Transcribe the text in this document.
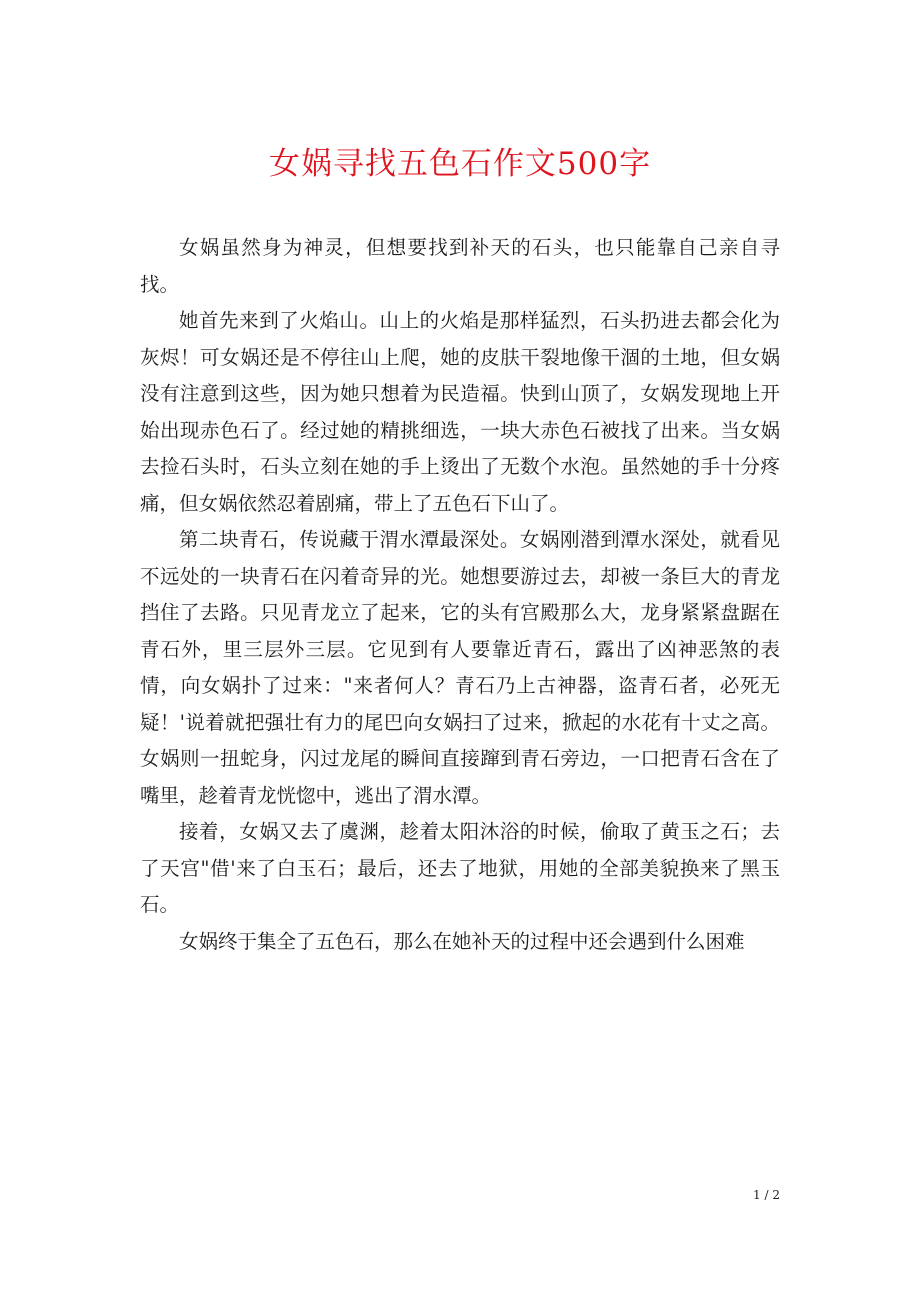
女娲寻找五色石作文500字

女娲虽然身为神灵，但想要找到补天的石头，也只能靠自己亲自寻找。

她首先来到了火焰山。山上的火焰是那样猛烈，石头扔进去都会化为灰烬！可女娲还是不停往山上爬，她的皮肤干裂地像干涸的土地，但女娲没有注意到这些，因为她只想着为民造福。快到山顶了，女娲发现地上开始出现赤色石了。经过她的精挑细选，一块大赤色石被找了出来。当女娲去捡石头时，石头立刻在她的手上烫出了无数个水泡。虽然她的手十分疼痛，但女娲依然忍着剧痛，带上了五色石下山了。

第二块青石，传说藏于渭水潭最深处。女娲刚潜到潭水深处，就看见不远处的一块青石在闪着奇异的光。她想要游过去，却被一条巨大的青龙挡住了去路。只见青龙立了起来，它的头有宫殿那么大，龙身紧紧盘踞在青石外，里三层外三层。它见到有人要靠近青石，露出了凶神恶煞的表情，向女娲扑了过来："来者何人？青石乃上古神器，盗青石者，必死无疑！'说着就把强壮有力的尾巴向女娲扫了过来，掀起的水花有十丈之高。女娲则一扭蛇身，闪过龙尾的瞬间直接蹿到青石旁边，一口把青石含在了嘴里，趁着青龙恍惚中，逃出了渭水潭。

接着，女娲又去了虞渊，趁着太阳沐浴的时候，偷取了黄玉之石；去了天宫"借'来了白玉石；最后，还去了地狱，用她的全部美貌换来了黑玉石。

女娲终于集全了五色石，那么在她补天的过程中还会遇到什么困难

1 / 2
